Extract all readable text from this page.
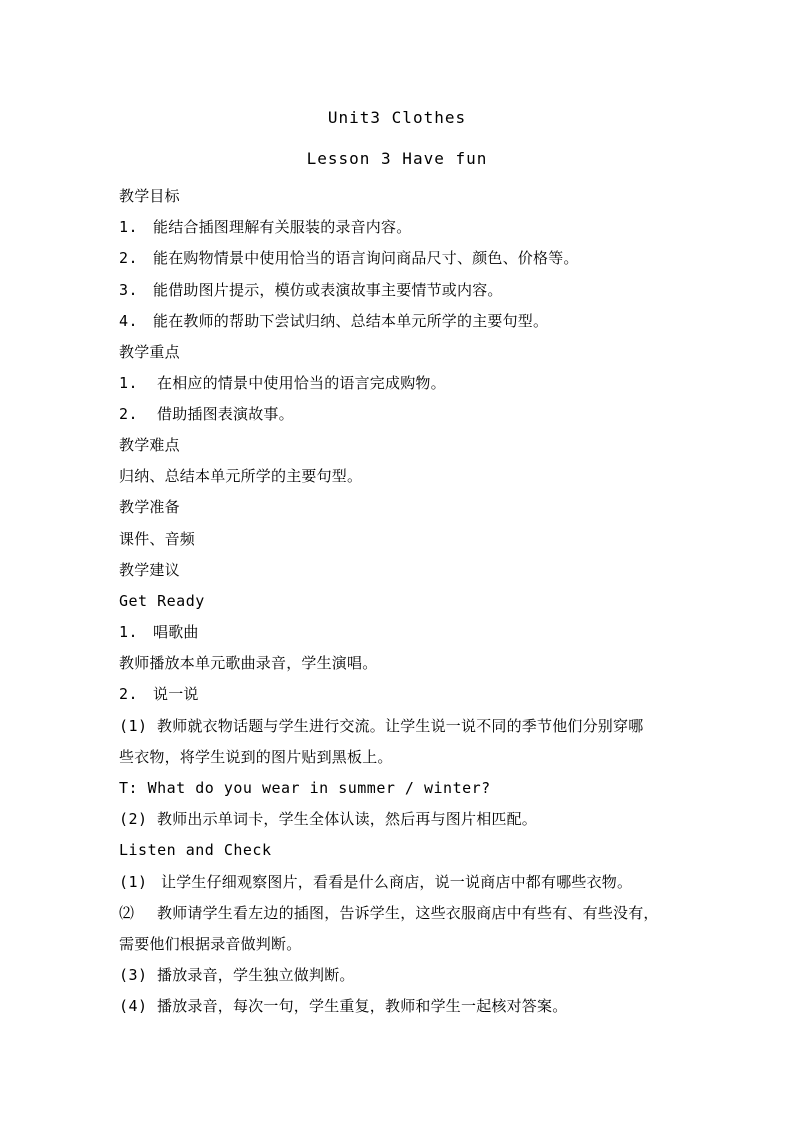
Unit3 Clothes
Lesson 3 Have fun
教学目标
1. 能结合插图理解有关服装的录音内容。
2. 能在购物情景中使用恰当的语言询问商品尺寸、颜色、价格等。
3. 能借助图片提示，模仿或表演故事主要情节或内容。
4. 能在教师的帮助下尝试归纳、总结本单元所学的主要句型。
教学重点
1. 在相应的情景中使用恰当的语言完成购物。
2. 借助插图表演故事。
教学难点
归纳、总结本单元所学的主要句型。
教学准备
课件、音频
教学建议
Get Ready
1. 唱歌曲
教师播放本单元歌曲录音，学生演唱。
2. 说一说
(1) 教师就衣物话题与学生进行交流。让学生说一说不同的季节他们分别穿哪
些衣物，将学生说到的图片贴到黑板上。
T: What do you wear in summer / winter?
(2) 教师出示单词卡，学生全体认读，然后再与图片相匹配。
Listen and Check
(1) 让学生仔细观察图片，看看是什么商店，说一说商店中都有哪些衣物。
⑵ 教师请学生看左边的插图，告诉学生，这些衣服商店中有些有、有些没有，
需要他们根据录音做判断。
(3) 播放录音，学生独立做判断。
(4) 播放录音，每次一句，学生重复，教师和学生一起核对答案。
